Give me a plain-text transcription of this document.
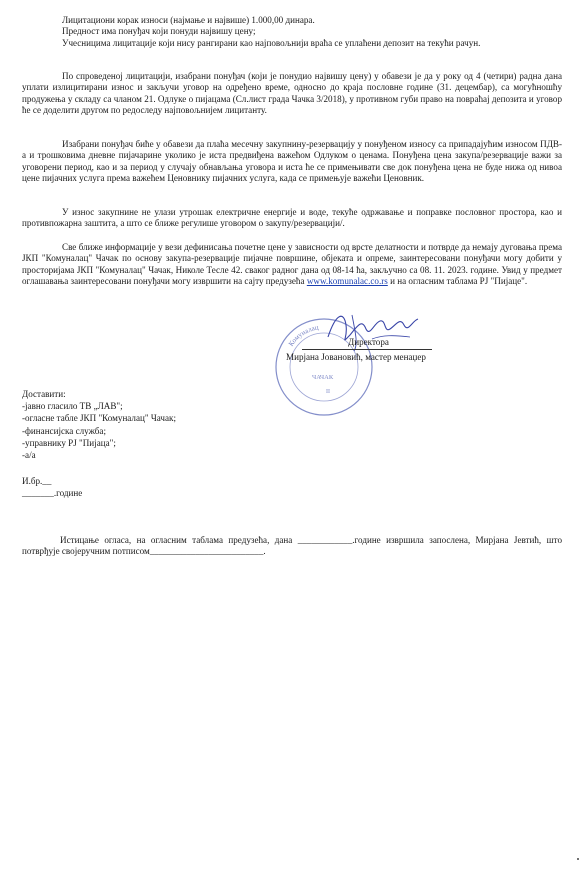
Лицитациони корак износи (најмање и највише) 1.000,00 динара.

Предност има понуђач који понуди највишу цену;

Учесницима лицитације који нису рангирани као најповољнији враћа се уплаћени депозит на текући рачун.

По спроведеној лицитацији, изабрани понуђач (који је понудио највишу цену) у обавези је да у року од 4 (четири) радна дана уплати излицитирани износ и закључи уговор на одређено време, односно до краја пословне године (31. децембар), са могућношћу продужења у складу са чланом 21. Одлуке о пијацама (Сл.лист града Чачка 3/2018), у противном губи право на повраћај депозита и уговор ће се доделити другом по редоследу најповољнијем лицитанту.

Изабрани понуђач биће у обавези да плаћа месечну закупнину-резервацију у понуђеном износу са припадајућим износом ПДВ-а и трошковима дневне пијачарине уколико је иста предвиђена важећом Одлуком о ценама. Понуђена цена закупа/резервације важи за уговорени период, као и за период у случају обнављања уговора и иста ће се примењивати све док понуђена цена не буде нижа од нивоа цене пијачних услуга према важећем Ценовнику пијачних услуга, када се примењује важећи Ценовник.

У износ закупнине не улази утрошак електричне енергије и воде, текуће одржавање и поправке пословног простора, као и противпожарна заштита, а што се ближе регулише уговором о закупу/резервацији/.

Све ближе информације у вези дефинисања почетне цене у зависности од врсте делатности и потврде да немају дуговања према ЈКП "Комуналац" Чачак по основу закупа-резервације пијачне површине, објеката и опреме, заинтересовани понуђачи могу добити у просторијама ЈКП "Комуналац" Чачак, Николе Тесле 42. сваког радног дана од 08-14 ћа, закључно са 08. 11. 2023. године. Увид у предмет оглашавања заинтересовани понуђачи могу извршити на сајту предузећа www.komunalac.co.rs и на огласним таблама РЈ "Пијаце".

Комуналац
ЧАЧАК
II
Директора
Мирјана Јовановић, мастер менаџер

Доставити:

-јавно гласило ТВ „ЛАВ";

-огласне табле ЈКП "Комуналац" Чачак;

-финансијска служба;

-управнику РЈ "Пијаца";

-а/а

И.бр.__

_______.године

Истицање огласа, на огласним таблама предузећа, дана ____________.године извршила запослена, Мирјана Јевтић, што потврђује својеручним потписом_________________________.
